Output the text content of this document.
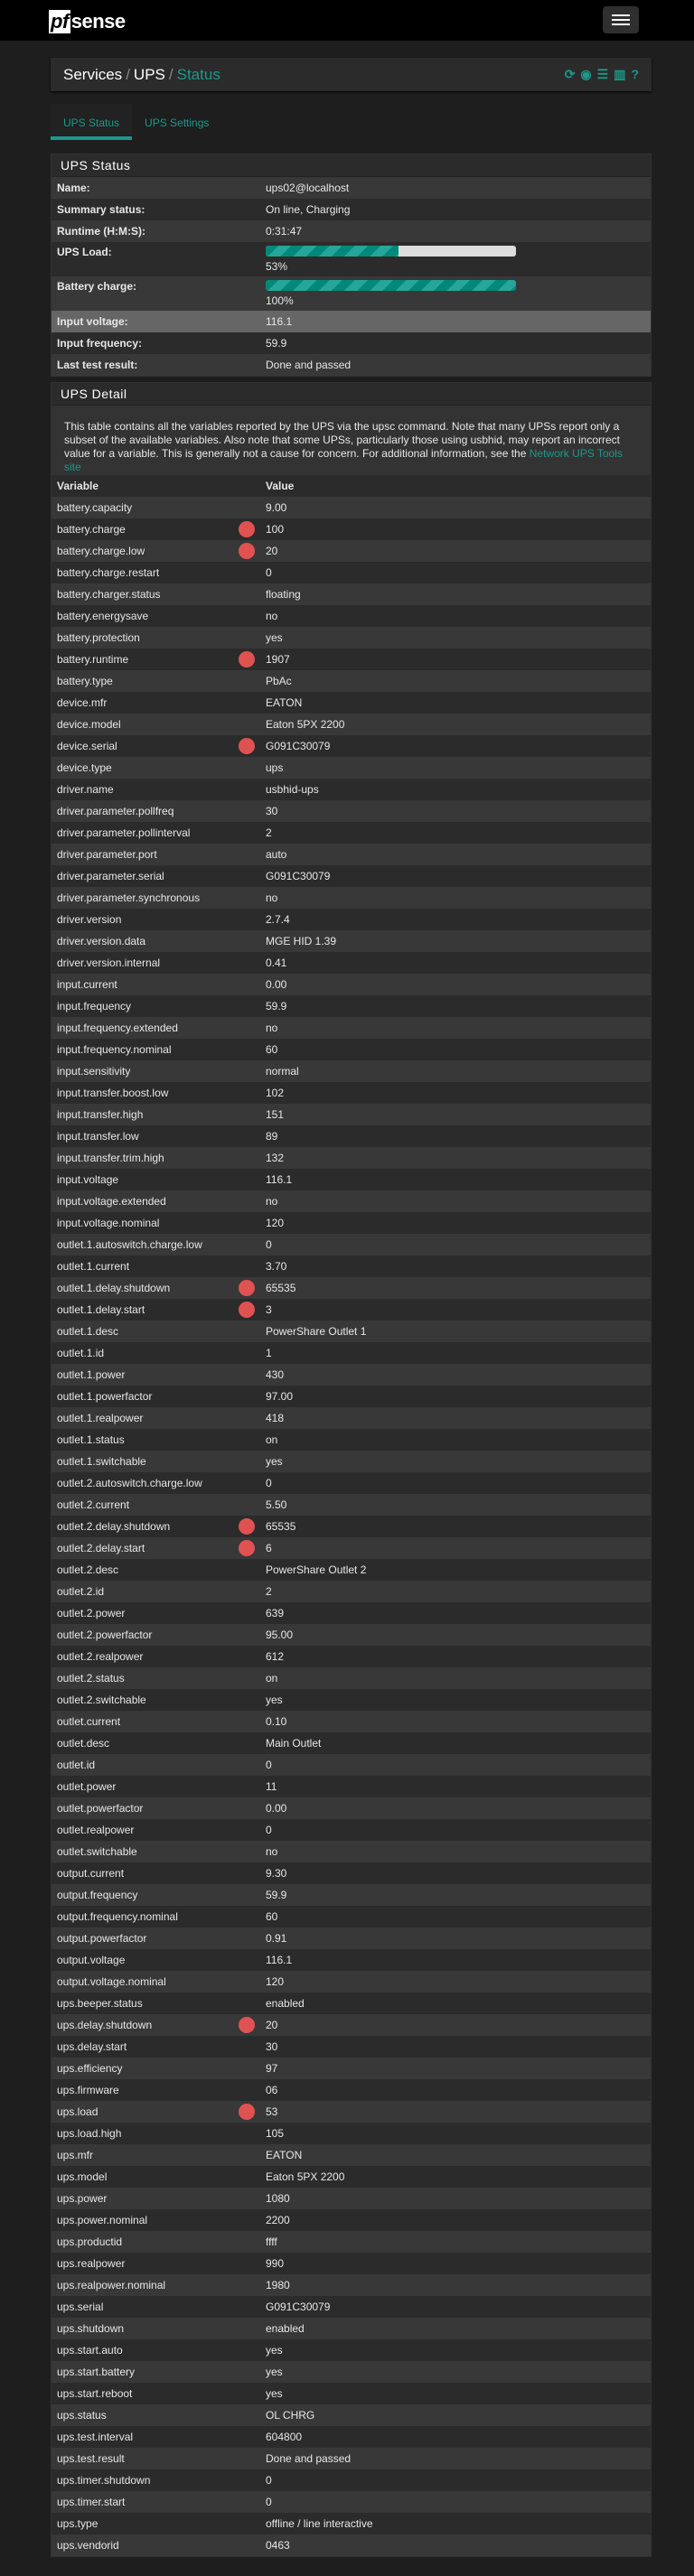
pf sense
Services / UPS / Status	⟳ ◉ ☰ ▥ ?
UPS Status	UPS Settings
UPS Status
Name:	ups02@localhost
Summary status:	On line, Charging
Runtime (H:M:S):	0:31:47
UPS Load:
53%
Battery charge:
100%
Input voltage:	116.1
Input frequency:	59.9
Last test result:	Done and passed
UPS Detail
This table contains all the variables reported by the UPS via the upsc command. Note that many UPSs report only a subset of the available variables. Also note that some UPSs, particularly those using usbhid, may report an incorrect value for a variable. This is generally not a cause for concern. For additional information, see the Network UPS Tools site
Variable	Value
battery.capacity	9.00
battery.charge	100
battery.charge.low	20
battery.charge.restart	0
battery.charger.status	floating
battery.energysave	no
battery.protection	yes
battery.runtime	1907
battery.type	PbAc
device.mfr	EATON
device.model	Eaton 5PX 2200
device.serial	G091C30079
device.type	ups
driver.name	usbhid-ups
driver.parameter.pollfreq	30
driver.parameter.pollinterval	2
driver.parameter.port	auto
driver.parameter.serial	G091C30079
driver.parameter.synchronous	no
driver.version	2.7.4
driver.version.data	MGE HID 1.39
driver.version.internal	0.41
input.current	0.00
input.frequency	59.9
input.frequency.extended	no
input.frequency.nominal	60
input.sensitivity	normal
input.transfer.boost.low	102
input.transfer.high	151
input.transfer.low	89
input.transfer.trim.high	132
input.voltage	116.1
input.voltage.extended	no
input.voltage.nominal	120
outlet.1.autoswitch.charge.low	0
outlet.1.current	3.70
outlet.1.delay.shutdown	65535
outlet.1.delay.start	3
outlet.1.desc	PowerShare Outlet 1
outlet.1.id	1
outlet.1.power	430
outlet.1.powerfactor	97.00
outlet.1.realpower	418
outlet.1.status	on
outlet.1.switchable	yes
outlet.2.autoswitch.charge.low	0
outlet.2.current	5.50
outlet.2.delay.shutdown	65535
outlet.2.delay.start	6
outlet.2.desc	PowerShare Outlet 2
outlet.2.id	2
outlet.2.power	639
outlet.2.powerfactor	95.00
outlet.2.realpower	612
outlet.2.status	on
outlet.2.switchable	yes
outlet.current	0.10
outlet.desc	Main Outlet
outlet.id	0
outlet.power	11
outlet.powerfactor	0.00
outlet.realpower	0
outlet.switchable	no
output.current	9.30
output.frequency	59.9
output.frequency.nominal	60
output.powerfactor	0.91
output.voltage	116.1
output.voltage.nominal	120
ups.beeper.status	enabled
ups.delay.shutdown	20
ups.delay.start	30
ups.efficiency	97
ups.firmware	06
ups.load	53
ups.load.high	105
ups.mfr	EATON
ups.model	Eaton 5PX 2200
ups.power	1080
ups.power.nominal	2200
ups.productid	ffff
ups.realpower	990
ups.realpower.nominal	1980
ups.serial	G091C30079
ups.shutdown	enabled
ups.start.auto	yes
ups.start.battery	yes
ups.start.reboot	yes
ups.status	OL CHRG
ups.test.interval	604800
ups.test.result	Done and passed
ups.timer.shutdown	0
ups.timer.start	0
ups.type	offline / line interactive
ups.vendorid	0463
